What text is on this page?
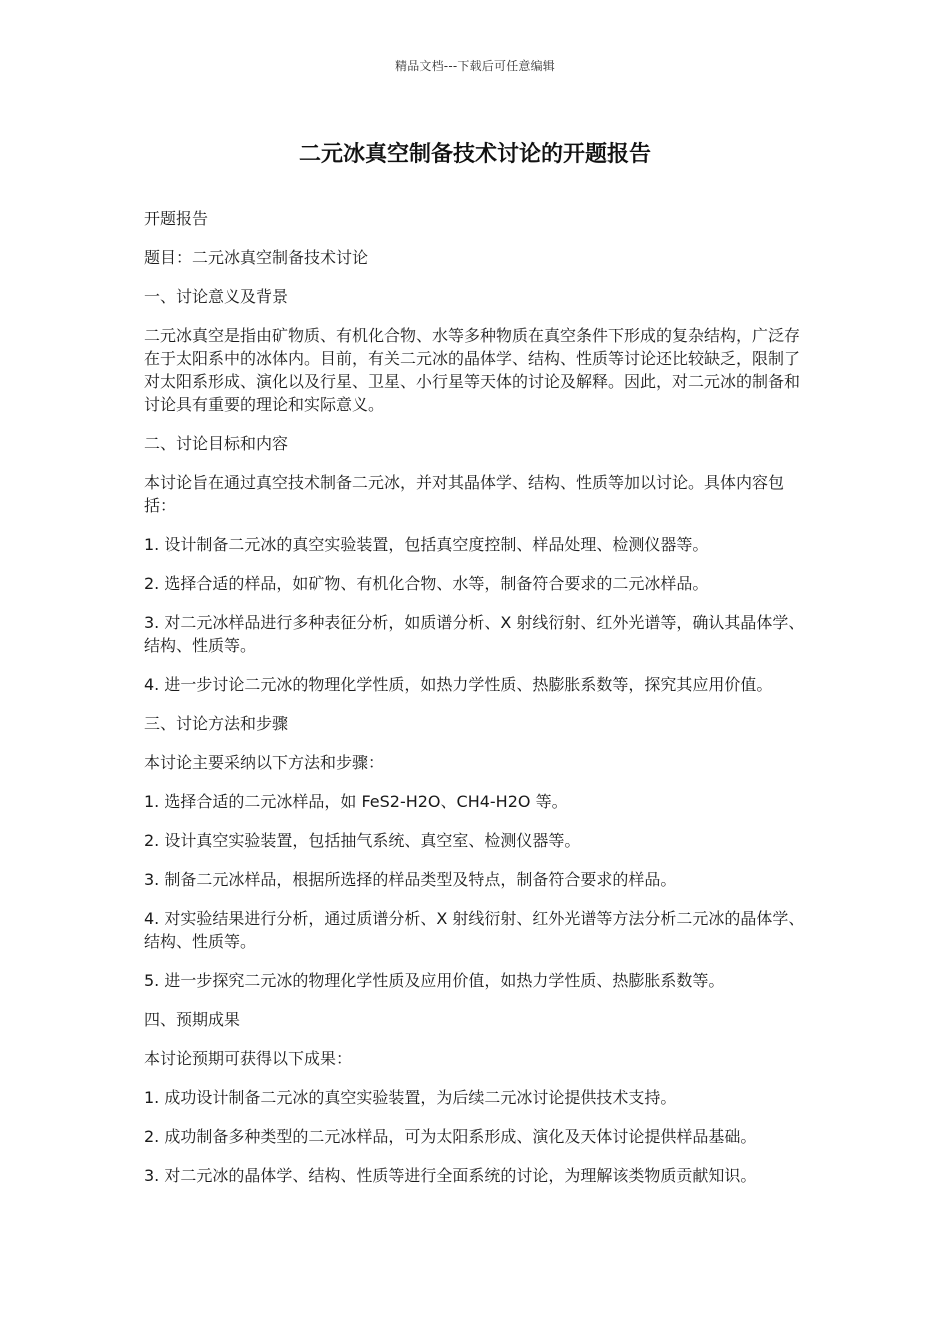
精品文档---下载后可任意编辑
二元冰真空制备技术讨论的开题报告

开题报告

题目：二元冰真空制备技术讨论

一、讨论意义及背景

二元冰真空是指由矿物质、有机化合物、水等多种物质在真空条件下形成的复杂结构，广泛存在于太阳系中的冰体内。目前，有关二元冰的晶体学、结构、性质等讨论还比较缺乏，限制了对太阳系形成、演化以及行星、卫星、小行星等天体的讨论及解释。因此，对二元冰的制备和讨论具有重要的理论和实际意义。

二、讨论目标和内容

本讨论旨在通过真空技术制备二元冰，并对其晶体学、结构、性质等加以讨论。具体内容包括：

1. 设计制备二元冰的真空实验装置，包括真空度控制、样品处理、检测仪器等。

2. 选择合适的样品，如矿物、有机化合物、水等，制备符合要求的二元冰样品。

3. 对二元冰样品进行多种表征分析，如质谱分析、X 射线衍射、红外光谱等，确认其晶体学、结构、性质等。

4. 进一步讨论二元冰的物理化学性质，如热力学性质、热膨胀系数等，探究其应用价值。

三、讨论方法和步骤

本讨论主要采纳以下方法和步骤：

1. 选择合适的二元冰样品，如 FeS2-H2O、CH4-H2O 等。

2. 设计真空实验装置，包括抽气系统、真空室、检测仪器等。

3. 制备二元冰样品，根据所选择的样品类型及特点，制备符合要求的样品。

4. 对实验结果进行分析，通过质谱分析、X 射线衍射、红外光谱等方法分析二元冰的晶体学、结构、性质等。

5. 进一步探究二元冰的物理化学性质及应用价值，如热力学性质、热膨胀系数等。

四、预期成果

本讨论预期可获得以下成果：

1. 成功设计制备二元冰的真空实验装置，为后续二元冰讨论提供技术支持。

2. 成功制备多种类型的二元冰样品，可为太阳系形成、演化及天体讨论提供样品基础。

3. 对二元冰的晶体学、结构、性质等进行全面系统的讨论，为理解该类物质贡献知识。
